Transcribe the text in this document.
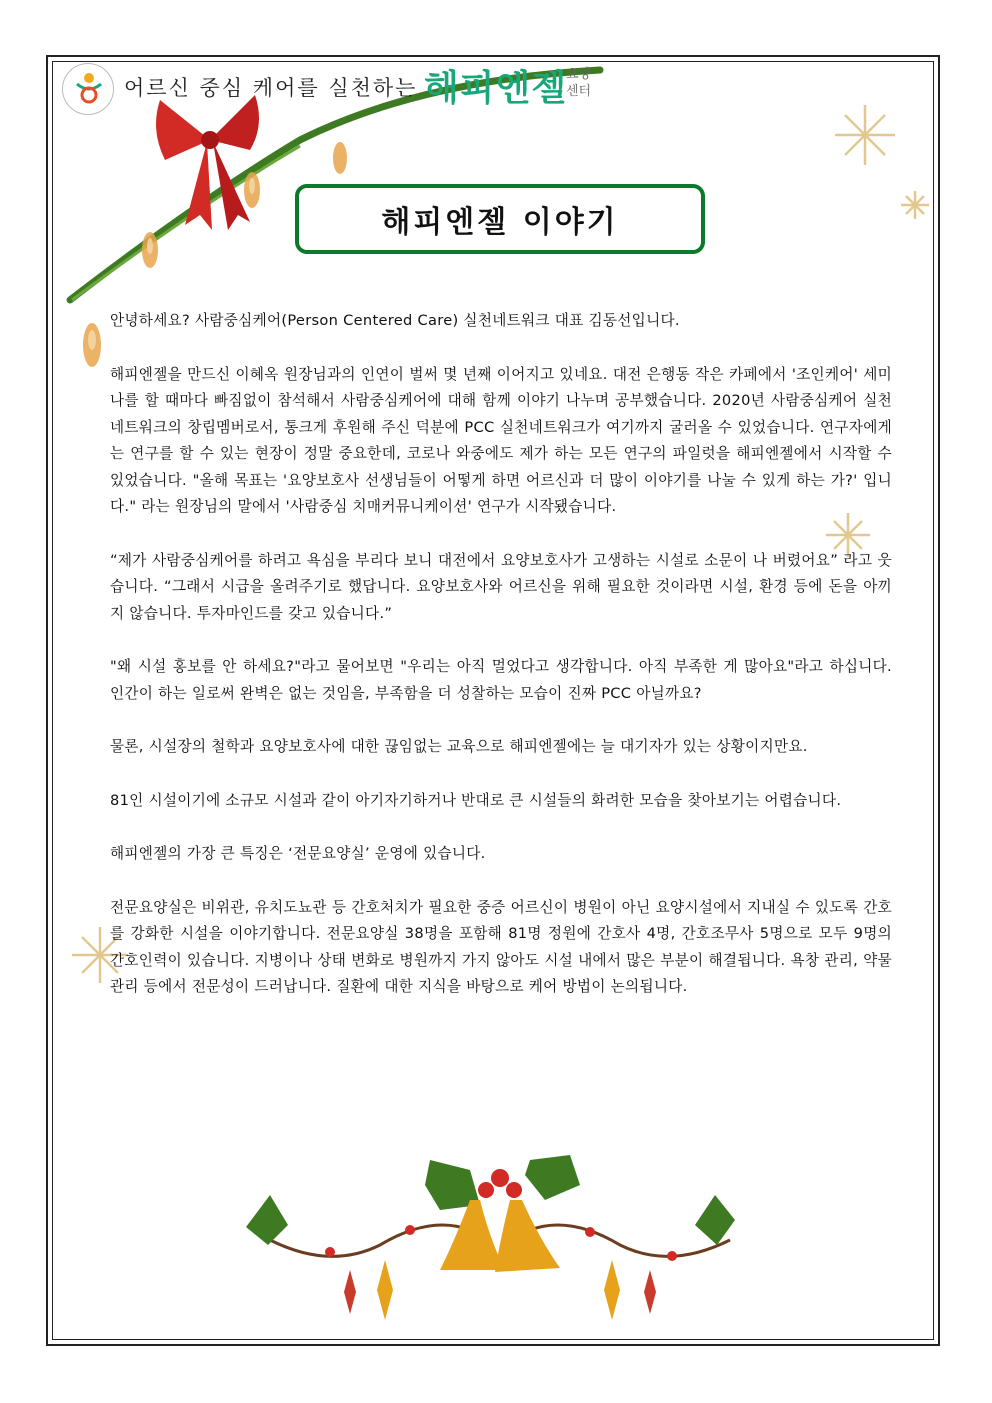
어르신 중심 케어를 실천하는 해피엔젤
요양 센터
해피엔젤 이야기

안녕하세요? 사람중심케어(Person Centered Care) 실천네트워크 대표 김동선입니다.

해피엔젤을 만드신 이혜옥 원장님과의 인연이 벌써 몇 년째 이어지고 있네요. 대전 은행동 작은 카페에서 '조인케어' 세미나를 할 때마다 빠짐없이 참석해서 사람중심케어에 대해 함께 이야기 나누며 공부했습니다. 2020년 사람중심케어 실천네트워크의 창립멤버로서, 통크게 후원해 주신 덕분에 PCC 실천네트워크가 여기까지 굴러올 수 있었습니다. 연구자에게는 연구를 할 수 있는 현장이 정말 중요한데, 코로나 와중에도 제가 하는 모든 연구의 파일럿을 해피엔젤에서 시작할 수 있었습니다. "올해 목표는 '요양보호사 선생님들이 어떻게 하면 어르신과 더 많이 이야기를 나눌 수 있게 하는 가?' 입니다." 라는 원장님의 말에서 '사람중심 치매커뮤니케이션' 연구가 시작됐습니다.

“제가 사람중심케어를 하려고 욕심을 부리다 보니 대전에서 요양보호사가 고생하는 시설로 소문이 나 버렸어요” 라고 웃습니다. “그래서 시급을 올려주기로 했답니다. 요양보호사와 어르신을 위해 필요한 것이라면 시설, 환경 등에 돈을 아끼지 않습니다. 투자마인드를 갖고 있습니다.”

"왜 시설 홍보를 안 하세요?"라고 물어보면 "우리는 아직 멀었다고 생각합니다. 아직 부족한 게 많아요"라고 하십니다. 인간이 하는 일로써 완벽은 없는 것임을, 부족함을 더 성찰하는 모습이 진짜 PCC 아닐까요?

물론, 시설장의 철학과 요양보호사에 대한 끊임없는 교육으로 해피엔젤에는 늘 대기자가 있는 상황이지만요.

81인 시설이기에 소규모 시설과 같이 아기자기하거나 반대로 큰 시설들의 화려한 모습을 찾아보기는 어렵습니다.

해피엔젤의 가장 큰 특징은 ‘전문요양실’ 운영에 있습니다.

전문요양실은 비위관, 유치도뇨관 등 간호처치가 필요한 중증 어르신이 병원이 아닌 요양시설에서 지내실 수 있도록 간호를 강화한 시설을 이야기합니다. 전문요양실 38명을 포함해 81명 정원에 간호사 4명, 간호조무사 5명으로 모두 9명의 간호인력이 있습니다. 지병이나 상태 변화로 병원까지 가지 않아도 시설 내에서 많은 부분이 해결됩니다. 욕창 관리, 약물관리 등에서 전문성이 드러납니다. 질환에 대한 지식을 바탕으로 케어 방법이 논의됩니다.
